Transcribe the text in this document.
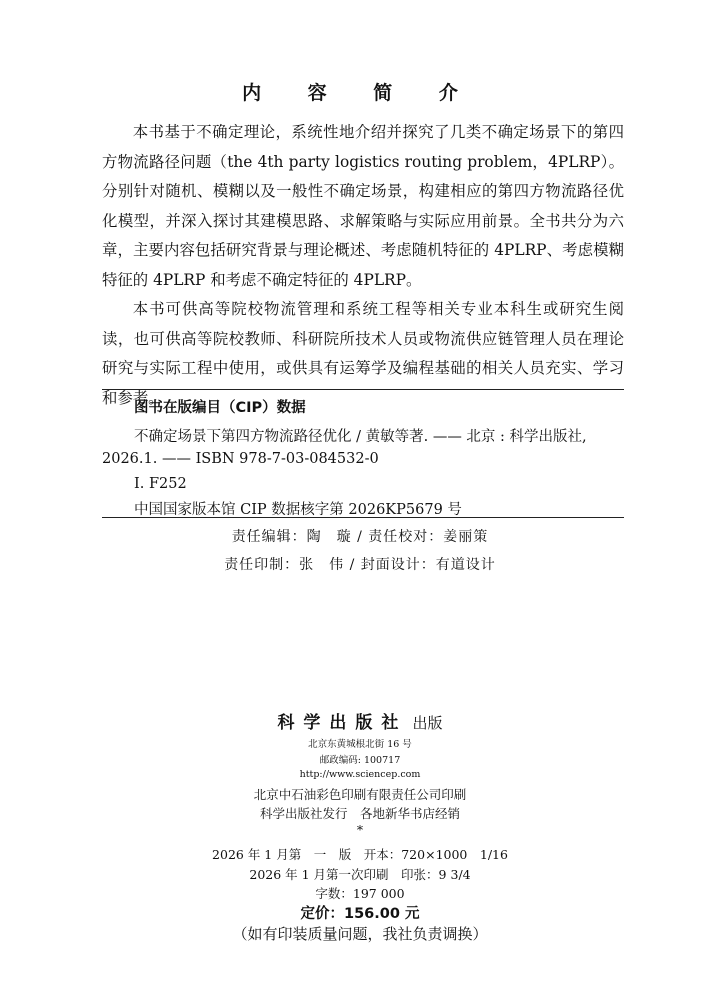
内 容 简 介

本书基于不确定理论，系统性地介绍并探究了几类不确定场景下的第四方物流路径问题（the 4th party logistics routing problem，4PLRP）。分别针对随机、模糊以及一般性不确定场景，构建相应的第四方物流路径优化模型，并深入探讨其建模思路、求解策略与实际应用前景。全书共分为六章，主要内容包括研究背景与理论概述、考虑随机特征的 4PLRP、考虑模糊特征的 4PLRP 和考虑不确定特征的 4PLRP。

本书可供高等院校物流管理和系统工程等相关专业本科生或研究生阅读，也可供高等院校教师、科研院所技术人员或物流供应链管理人员在理论研究与实际工程中使用，或供具有运筹学及编程基础的相关人员充实、学习和参考。

图书在版编目（CIP）数据
不确定场景下第四方物流路径优化 / 黄敏等著. —— 北京 : 科学出版社,
2026.1. —— ISBN 978-7-03-084532-0
I. F252
中国国家版本馆 CIP 数据核字第 2026KP5679 号
责任编辑：陶　璇 / 责任校对：姜丽策
责任印制：张　伟 / 封面设计：有道设计
科学出版社 出版
北京东黄城根北街 16 号
邮政编码: 100717
http://www.sciencep.com
北京中石油彩色印刷有限责任公司印刷
科学出版社发行　各地新华书店经销
*
2026 年 1 月第　一　版　开本：720×1000　1/16
2026 年 1 月第一次印刷　印张：9 3/4
字数：197 000
定价：156.00 元
（如有印装质量问题，我社负责调换）
